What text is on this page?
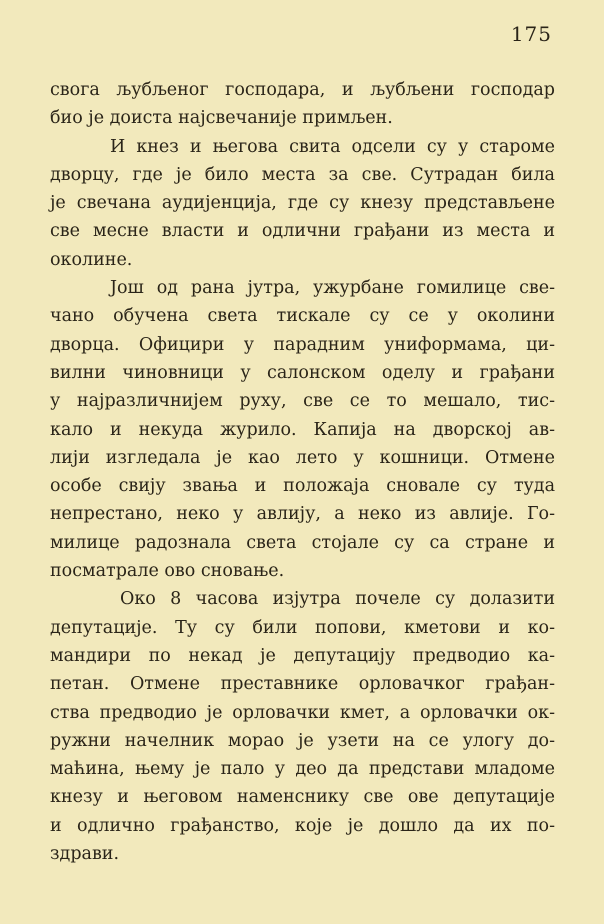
175
свога љубљеног господара, и љубљени господар
био је доиста најсвечаније примљен.
И кнез и његова свита одсели су у староме
дворцу, где је било места за све. Сутрадан била
је свечана аудијенција, где су кнезу представљене
све месне власти и одлични грађани из места и
околине.
Још од рана јутра, ужурбане гомилице све-
чано обучена света тискале су се у околини
дворца. Официри у парадним униформама, ци-
вилни чиновници у салонском оделу и грађани
у најразличнијем руху, све се то мешало, тис-
кало и некуда журило. Капија на дворској ав-
лији изгледала је као лето у кошници. Отмене
особе свију звања и положаја сновале су туда
непрестано, неко у авлију, а неко из авлије. Го-
милице радознала света стојале су са стране и
посматрале ово сновање.
Око 8 часова изјутра почеле су долазити
депутације. Ту су били попови, кметови и ко-
мандири по некад је депутацију предводио ка-
петан. Отмене преставнике орловачког грађан-
ства предводио је орловачки кмет, а орловачки ок-
ружни начелник морао је узети на се улогу до-
маћина, њему је пало у део да представи младоме
кнезу и његовом наменснику све ове депутације
и одлично грађанство, које је дошло да их по-
здрави.
